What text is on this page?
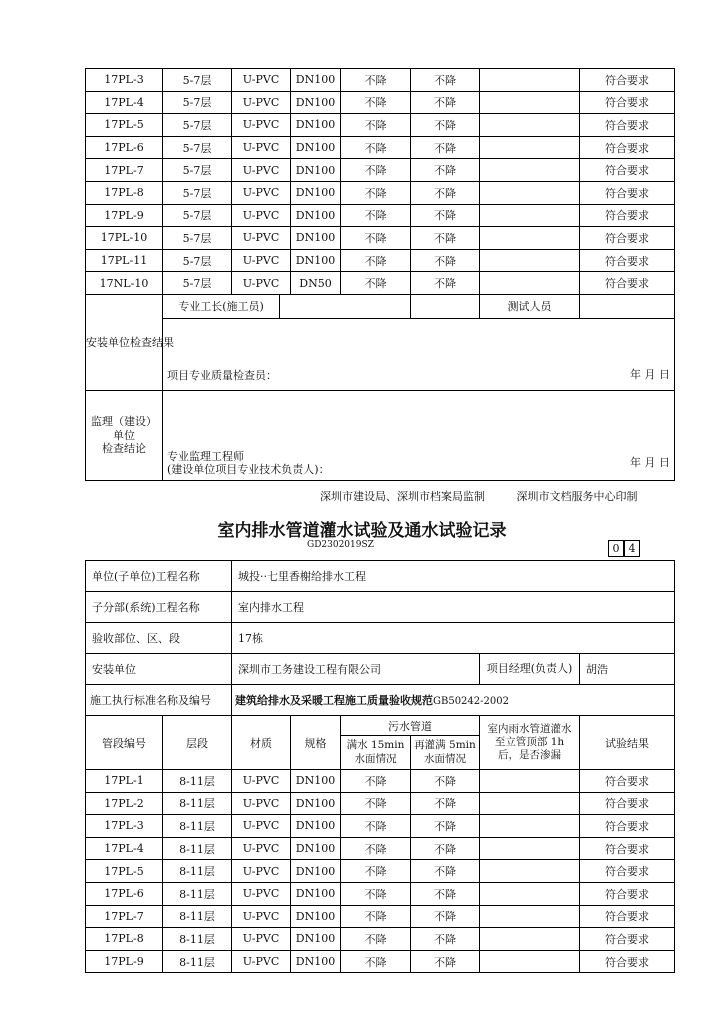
17PL-3	5-7层	U-PVC	DN100	不降	不降		符合要求
17PL-4	5-7层	U-PVC	DN100	不降	不降		符合要求
17PL-5	5-7层	U-PVC	DN100	不降	不降		符合要求
17PL-6	5-7层	U-PVC	DN100	不降	不降		符合要求
17PL-7	5-7层	U-PVC	DN100	不降	不降		符合要求
17PL-8	5-7层	U-PVC	DN100	不降	不降		符合要求
17PL-9	5-7层	U-PVC	DN100	不降	不降		符合要求
17PL-10	5-7层	U-PVC	DN100	不降	不降		符合要求
17PL-11	5-7层	U-PVC	DN100	不降	不降		符合要求
17NL-10	5-7层	U-PVC	DN50	不降	不降		符合要求
安装单位检查结果	专业工长(施工员)					测试人员	

	项目专业质量检查员： 年 月 日						

监理（建设）单位
检查结论	专业监理工程师
(建设单位项目专业技术负责人)：
年 月 日						
深圳市建设局、深圳市档案局监制	深圳市文档服务中心印制
室内排水管道灌水试验及通水试验记录
GD2302019SZ	0 4
单位(子单位)工程名称		城投··七里香榭给排水工程					
子分部(系统)工程名称		室内排水工程					
验收部位、区、段		17栋					
安装单位		深圳市工务建设工程有限公司				项目经理(负责人)	胡浩
施工执行标准名称及编号		建筑给排水及采暖工程施工质量验收规范GB50242-2002					
管段编号	层段	材质	规格	污水管道		室内雨水管道灌水至立管顶部 1h 后，是否渗漏	试验结果
				满水 15min 水面情况	再灌满 5min 水面情况		
17PL-1	8-11层	U-PVC	DN100	不降	不降		符合要求
17PL-2	8-11层	U-PVC	DN100	不降	不降		符合要求
17PL-3	8-11层	U-PVC	DN100	不降	不降		符合要求
17PL-4	8-11层	U-PVC	DN100	不降	不降		符合要求
17PL-5	8-11层	U-PVC	DN100	不降	不降		符合要求
17PL-6	8-11层	U-PVC	DN100	不降	不降		符合要求
17PL-7	8-11层	U-PVC	DN100	不降	不降		符合要求
17PL-8	8-11层	U-PVC	DN100	不降	不降		符合要求
17PL-9	8-11层	U-PVC	DN100	不降	不降		符合要求
